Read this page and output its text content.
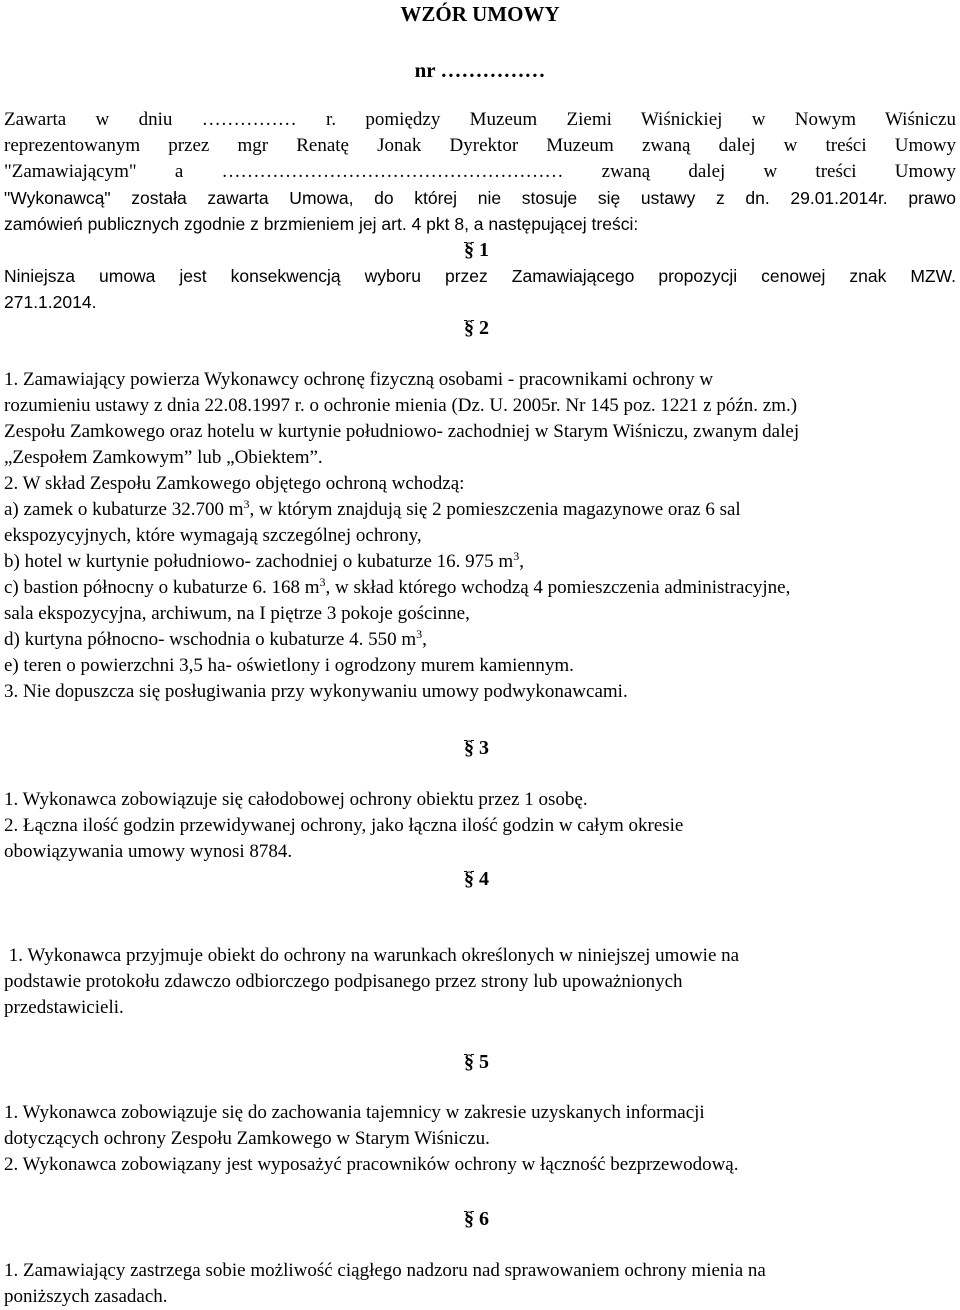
WZÓR UMOWY
nr ……………
Zawarta w dniu …………… r. pomiędzy Muzeum Ziemi Wiśnickiej w Nowym Wiśniczu
reprezentowanym przez mgr Renatę Jonak Dyrektor Muzeum zwaną dalej w treści Umowy
"Zamawiającym" a ……………………………………………… zwaną dalej w treści Umowy
"Wykonawcą" została zawarta Umowa, do której nie stosuje się ustawy z dn. 29.01.2014r. prawo
zamówień publicznych zgodnie z brzmieniem jej art. 4 pkt 8, a następującej treści:
§ 1
Niniejsza umowa jest konsekwencją wyboru przez Zamawiającego propozycji cenowej znak MZW.
271.1.2014.
§ 2
1. Zamawiający powierza Wykonawcy ochronę fizyczną osobami - pracownikami ochrony w
rozumieniu ustawy z dnia 22.08.1997 r. o ochronie mienia (Dz. U. 2005r. Nr 145 poz. 1221 z późn. zm.)
Zespołu Zamkowego oraz hotelu w kurtynie południowo- zachodniej w Starym Wiśniczu, zwanym dalej
„Zespołem Zamkowym” lub „Obiektem”.
2. W skład Zespołu Zamkowego objętego ochroną wchodzą:
a) zamek o kubaturze 32.700 $m^3$, w którym znajdują się 2 pomieszczenia magazynowe oraz 6 sal
ekspozycyjnych, które wymagają szczególnej ochrony,
b) hotel w kurtynie południowo- zachodniej o kubaturze 16. 975 $m^3$,
c) bastion północny o kubaturze 6. 168 $m^3$, w skład którego wchodzą 4 pomieszczenia administracyjne,
sala ekspozycyjna, archiwum, na I piętrze 3 pokoje gościnne,
d) kurtyna północno- wschodnia o kubaturze 4. 550 $m^3$,
e) teren o powierzchni 3,5 ha- oświetlony i ogrodzony murem kamiennym.
3. Nie dopuszcza się posługiwania przy wykonywaniu umowy podwykonawcami.
§ 3
1. Wykonawca zobowiązuje się całodobowej ochrony obiektu przez 1 osobę.
2. Łączna ilość godzin przewidywanej ochrony, jako łączna ilość godzin w całym okresie
obowiązywania umowy wynosi 8784.
§ 4
1. Wykonawca przyjmuje obiekt do ochrony na warunkach określonych w niniejszej umowie na
podstawie protokołu zdawczo odbiorczego podpisanego przez strony lub upoważnionych
przedstawicieli.
§ 5
1. Wykonawca zobowiązuje się do zachowania tajemnicy w zakresie uzyskanych informacji
dotyczących ochrony Zespołu Zamkowego w Starym Wiśniczu.
2. Wykonawca zobowiązany jest wyposażyć pracowników ochrony w łączność bezprzewodową.
§ 6
1. Zamawiający zastrzega sobie możliwość ciągłego nadzoru nad sprawowaniem ochrony mienia na
poniższych zasadach.
